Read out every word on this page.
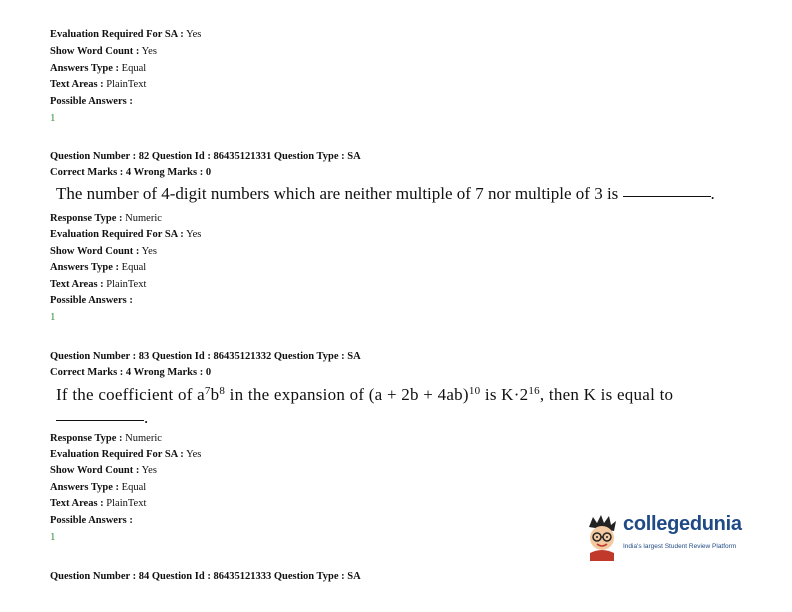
Evaluation Required For SA : Yes
Show Word Count : Yes
Answers Type : Equal
Text Areas : PlainText
Possible Answers :
1
Question Number : 82 Question Id : 86435121331 Question Type : SA
Correct Marks : 4 Wrong Marks : 0
The number of 4-digit numbers which are neither multiple of 7 nor multiple of 3 is	.
Response Type : Numeric
Evaluation Required For SA : Yes
Show Word Count : Yes
Answers Type : Equal
Text Areas : PlainText
Possible Answers :
1
Question Number : 83 Question Id : 86435121332 Question Type : SA
Correct Marks : 4 Wrong Marks : 0
If the coefficient of $a^7b^8$ in the expansion of $(a + 2b + 4ab)^{10}$ is $K\cdot 2^{16}$, then K is equal to
.
Response Type : Numeric
Evaluation Required For SA : Yes
Show Word Count : Yes
Answers Type : Equal
Text Areas : PlainText
Possible Answers :
1
Question Number : 84 Question Id : 86435121333 Question Type : SA
collegedunia
India's largest Student Review Platform
